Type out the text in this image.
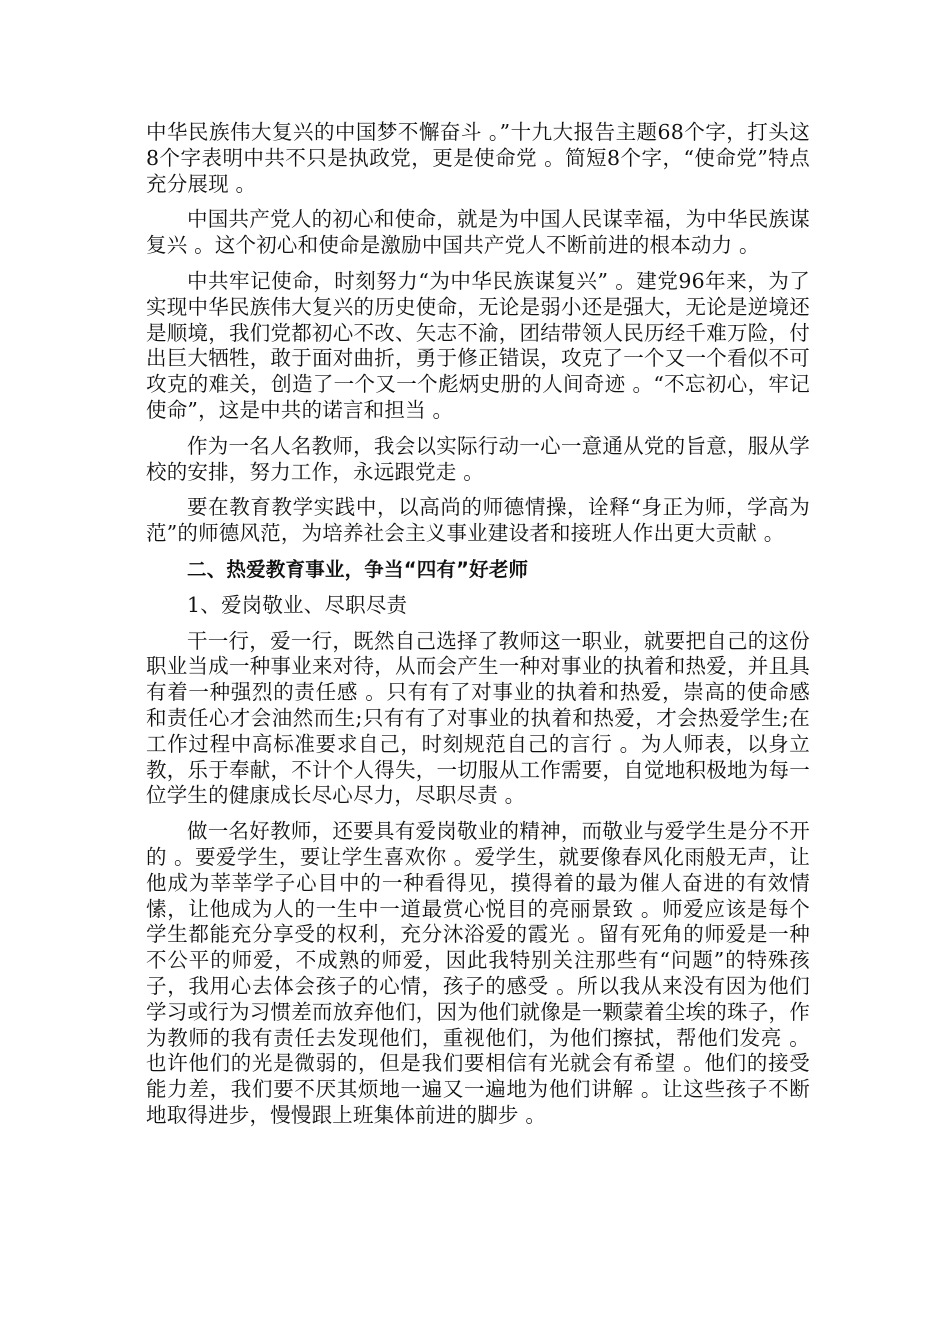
中华民族伟大复兴的中国梦不懈奋斗 。”十九大报告主题68个字，打头这8个字表明中共不只是执政党，更是使命党 。简短8个字，“使命党”特点充分展现 。

中国共产党人的初心和使命，就是为中国人民谋幸福，为中华民族谋复兴 。这个初心和使命是激励中国共产党人不断前进的根本动力 。

中共牢记使命，时刻努力“为中华民族谋复兴” 。建党96年来，为了实现中华民族伟大复兴的历史使命，无论是弱小还是强大，无论是逆境还是顺境，我们党都初心不改、矢志不渝，团结带领人民历经千难万险，付出巨大牺牲，敢于面对曲折，勇于修正错误，攻克了一个又一个看似不可攻克的难关，创造了一个又一个彪炳史册的人间奇迹 。“不忘初心，牢记使命”，这是中共的诺言和担当 。

作为一名人名教师，我会以实际行动一心一意通从党的旨意，服从学校的安排，努力工作，永远跟党走 。

要在教育教学实践中，以高尚的师德情操，诠释“身正为师，学高为范”的师德风范，为培养社会主义事业建设者和接班人作出更大贡献 。

二、热爱教育事业，争当“四有”好老师

1、爱岗敬业、尽职尽责

干一行，爱一行，既然自己选择了教师这一职业，就要把自己的这份职业当成一种事业来对待，从而会产生一种对事业的执着和热爱，并且具有着一种强烈的责任感 。只有有了对事业的执着和热爱，崇高的使命感和责任心才会油然而生;只有有了对事业的执着和热爱，才会热爱学生;在工作过程中高标准要求自己，时刻规范自己的言行 。为人师表，以身立教，乐于奉献，不计个人得失，一切服从工作需要，自觉地积极地为每一位学生的健康成长尽心尽力，尽职尽责 。

做一名好教师，还要具有爱岗敬业的精神，而敬业与爱学生是分不开的 。要爱学生，要让学生喜欢你 。爱学生，就要像春风化雨般无声，让他成为莘莘学子心目中的一种看得见，摸得着的最为催人奋进的有效情愫，让他成为人的一生中一道最赏心悦目的亮丽景致 。师爱应该是每个学生都能充分享受的权利，充分沐浴爱的霞光 。留有死角的师爱是一种不公平的师爱，不成熟的师爱，因此我特别关注那些有“问题”的特殊孩子，我用心去体会孩子的心情，孩子的感受 。所以我从来没有因为他们学习或行为习惯差而放弃他们，因为他们就像是一颗蒙着尘埃的珠子，作为教师的我有责任去发现他们，重视他们，为他们擦拭，帮他们发亮 。也许他们的光是微弱的，但是我们要相信有光就会有希望 。他们的接受能力差，我们要不厌其烦地一遍又一遍地为他们讲解 。让这些孩子不断地取得进步，慢慢跟上班集体前进的脚步 。
